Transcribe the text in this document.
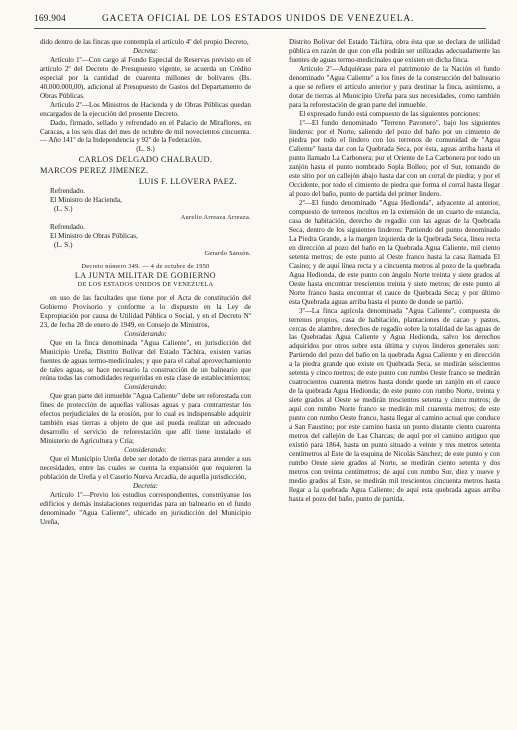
169.904	GACETA OFICIAL DE LOS ESTADOS UNIDOS DE VENEZUELA.

dido dentro de las fincas que contempla el artículo 4º del propio Decreto,

Decreta:

Artículo 1º—Con cargo al Fondo Especial de Reservas previsto en el artículo 2º del Decreto de Presupuesto vigente, se acuerda un Crédito especial por la cantidad de cuarenta millones de bolívares (Bs. 40.000.000,00), adicional al Presupuesto de Gastos del Departamento de Obras Públicas.

Artículo 2º—Los Ministros de Hacienda y de Obras Públicas quedan encargados de la ejecución del presente Decreto.

Dado, firmado, sellado y refrendado en el Palacio de Miraflores, en Caracas, a los seis días del mes de octubre de mil novecientos cincuenta. — Año 141º de la Independencia y 92º de la Federación.

(L. S.)

CARLOS DELGADO CHALBAUD.

MARCOS PEREZ JIMENEZ.

LUIS F. LLOVERA PAEZ.

Refrendado.

El Ministro de Hacienda,

(L. S.)

Aurelio Arreaza Arreaza.

Refrendado.

El Ministro de Obras Públicas,

(L. S.)

Gerardo Sansón.

Decreto número 349. — 4 de octubre de 1950

LA JUNTA MILITAR DE GOBIERNO

DE LOS ESTADOS UNIDOS DE VENEZUELA

en uso de las facultades que tiene por el Acta de constitución del Gobierno Provisorio y conforme a lo dispuesto en la Ley de Expropiación por causa de Utilidad Pública o Social, y en el Decreto Nº 23, de fecha 28 de enero de 1949, en Consejo de Ministros,

Considerando:

Que en la finca denominada "Agua Caliente", en jurisdicción del Municipio Ureña, Distrito Bolívar del Estado Táchira, existen varias fuentes de aguas termo-medicinales; y que para el cabal aprovechamiento de tales aguas, se hace necesario la construcción de un balneario que reúna todas las comodidades requeridas en esta clase de establecimientos;

Considerando:

Que gran parte del inmueble "Agua Caliente" debe ser reforestada con fines de protección de aquellas valiosas aguas y para contrarrestar los efectos perjudiciales de la erosión, por lo cual es indispensable adquirir también esas tierras a objeto de que así pueda realizar un adecuado desarrollo el servicio de reforestación que allí tiene instalado el Ministerio de Agricultura y Cría;

Considerando:

Que el Municipio Ureña debe ser dotado de tierras para atender a sus necesidades, entre las cuales se cuenta la expansión que requieren la población de Ureña y el Caserío Nueva Arcadia, de aquella jurisdicción,

Decreta:

Artículo 1º—Previo los estudios correspondientes, constrúyanse los edificios y demás instalaciones requeridas para un balneario en el fundo denominado "Agua Caliente", ubicado en jurisdicción del Municipio Ureña,

Distrito Bolívar del Estado Táchira, obra ésta que se declara de utilidad pública en razón de que con ella podrán ser utilizadas adecuadamente las fuentes de aguas termo-medicinales que existen en dicha finca.

Artículo 2º—Adquiérase para el patrimonio de la Nación el fundo denominado "Agua Caliente" a los fines de la construcción del balneario a que se refiere el artículo anterior y para destinar la finca, asimismo, a dotar de tierras al Municipio Ureña para sus necesidades, como también para la reforestación de gran parte del inmueble.

El expresado fundo está compuesto de las siguientes porciones:

1º—El fundo denominado "Terreno Pavonero", bajo los siguientes linderos: por el Norte, saliendo del pozo del baño por un cimiento de piedra por todo el lindero con los terrenos de comunidad de "Agua Caliente" hasta dar con la Quebrada Seca, por ésta, aguas arriba hasta el punto llamado La Carbonera; por el Oriente de La Carbonera por todo un zanjón hasta el punto nombrado Sopla Bolleo; por el Sur, tomando de este sitio por un callejón abajo hasta dar con un corral de piedra; y por el Occidente, por todo el cimiento de piedra que forma el corral hasta llegar al pozo del baño, punto de partida del primer lindero.

2º—El fundo denominado "Agua Hedionda", adyacente al anterior, compuesto de terrenos incultos en la extensión de un cuarto de estancia, casa de habitación, derecho de regadío con las aguas de la Quebrada Seca, dentro de los siguientes linderos: Partiendo del punto denominado La Piedra Grande, a la margen izquierda de la Quebrada Seca, línea recta en dirección al pozo del baño en la Quebrada Agua Caliente, mil ciento setenta metros; de este punto al Oeste franco hasta la casa llamada El Casino; y de aquí línea recta y a cincuenta metros al pozo de la quebrada Agua Hedionda, de este punto con ángulo Norte treinta y siete grados al Oeste hasta encontrar trescientos treinta y siete metros; de este punto al Norte franco hasta encontrar el cauce de Quebrada Seca; y por último esta Quebrada aguas arriba hasta el punto de donde se partió.

3º—La finca agrícola denominada "Agua Caliente", compuesta de terrenos propios, casa de habitación, plantaciones de cacao y pastos, cercas de alambre, derechos de regadío sobre la totalidad de las aguas de las Quebradas Agua Caliente y Agua Hedionda, salvo los derechos adquiridos por otros sobre esta última y cuyos linderos generales son: Partiendo del pozo del baño en la quebrada Agua Caliente y en dirección a la piedra grande que existe en Quebrada Seca, se medirán seiscientos setenta y cinco metros; de este punto con rumbo Oeste franco se medirán cuatrocientos cuarenta metros hasta donde quede un zanjón en el cauce de la quebrada Agua Hedionda; de este punto con rumbo Norte, treinta y siete grados al Oeste se medirán trescientos setenta y cinco metros; de aquí con rumbo Norte franco se medirán mil cuarenta metros; de este punto con rumbo Oeste franco, hasta llegar al camino actual que conduce a San Faustino; por este camino hasta un punto distante ciento cuarenta metros del callejón de Las Charcas; de aquí por el camino antiguo que existió para 1864, hasta un punto situado a veinte y tres metros setenta centímetros al Este de la esquina de Nicolás Sánchez; de este punto y con rumbo Oeste siete grados al Norte, se medirán ciento setenta y dos metros con treinta centímetros; de aquí con rumbo Sur, diez y nueve y medio grados al Este, se medirán mil trescientos cincuenta metros hasta llegar a la quebrada Agua Caliente; de aquí esta quebrada aguas arriba hasta el pozo del baño, punto de partida.
